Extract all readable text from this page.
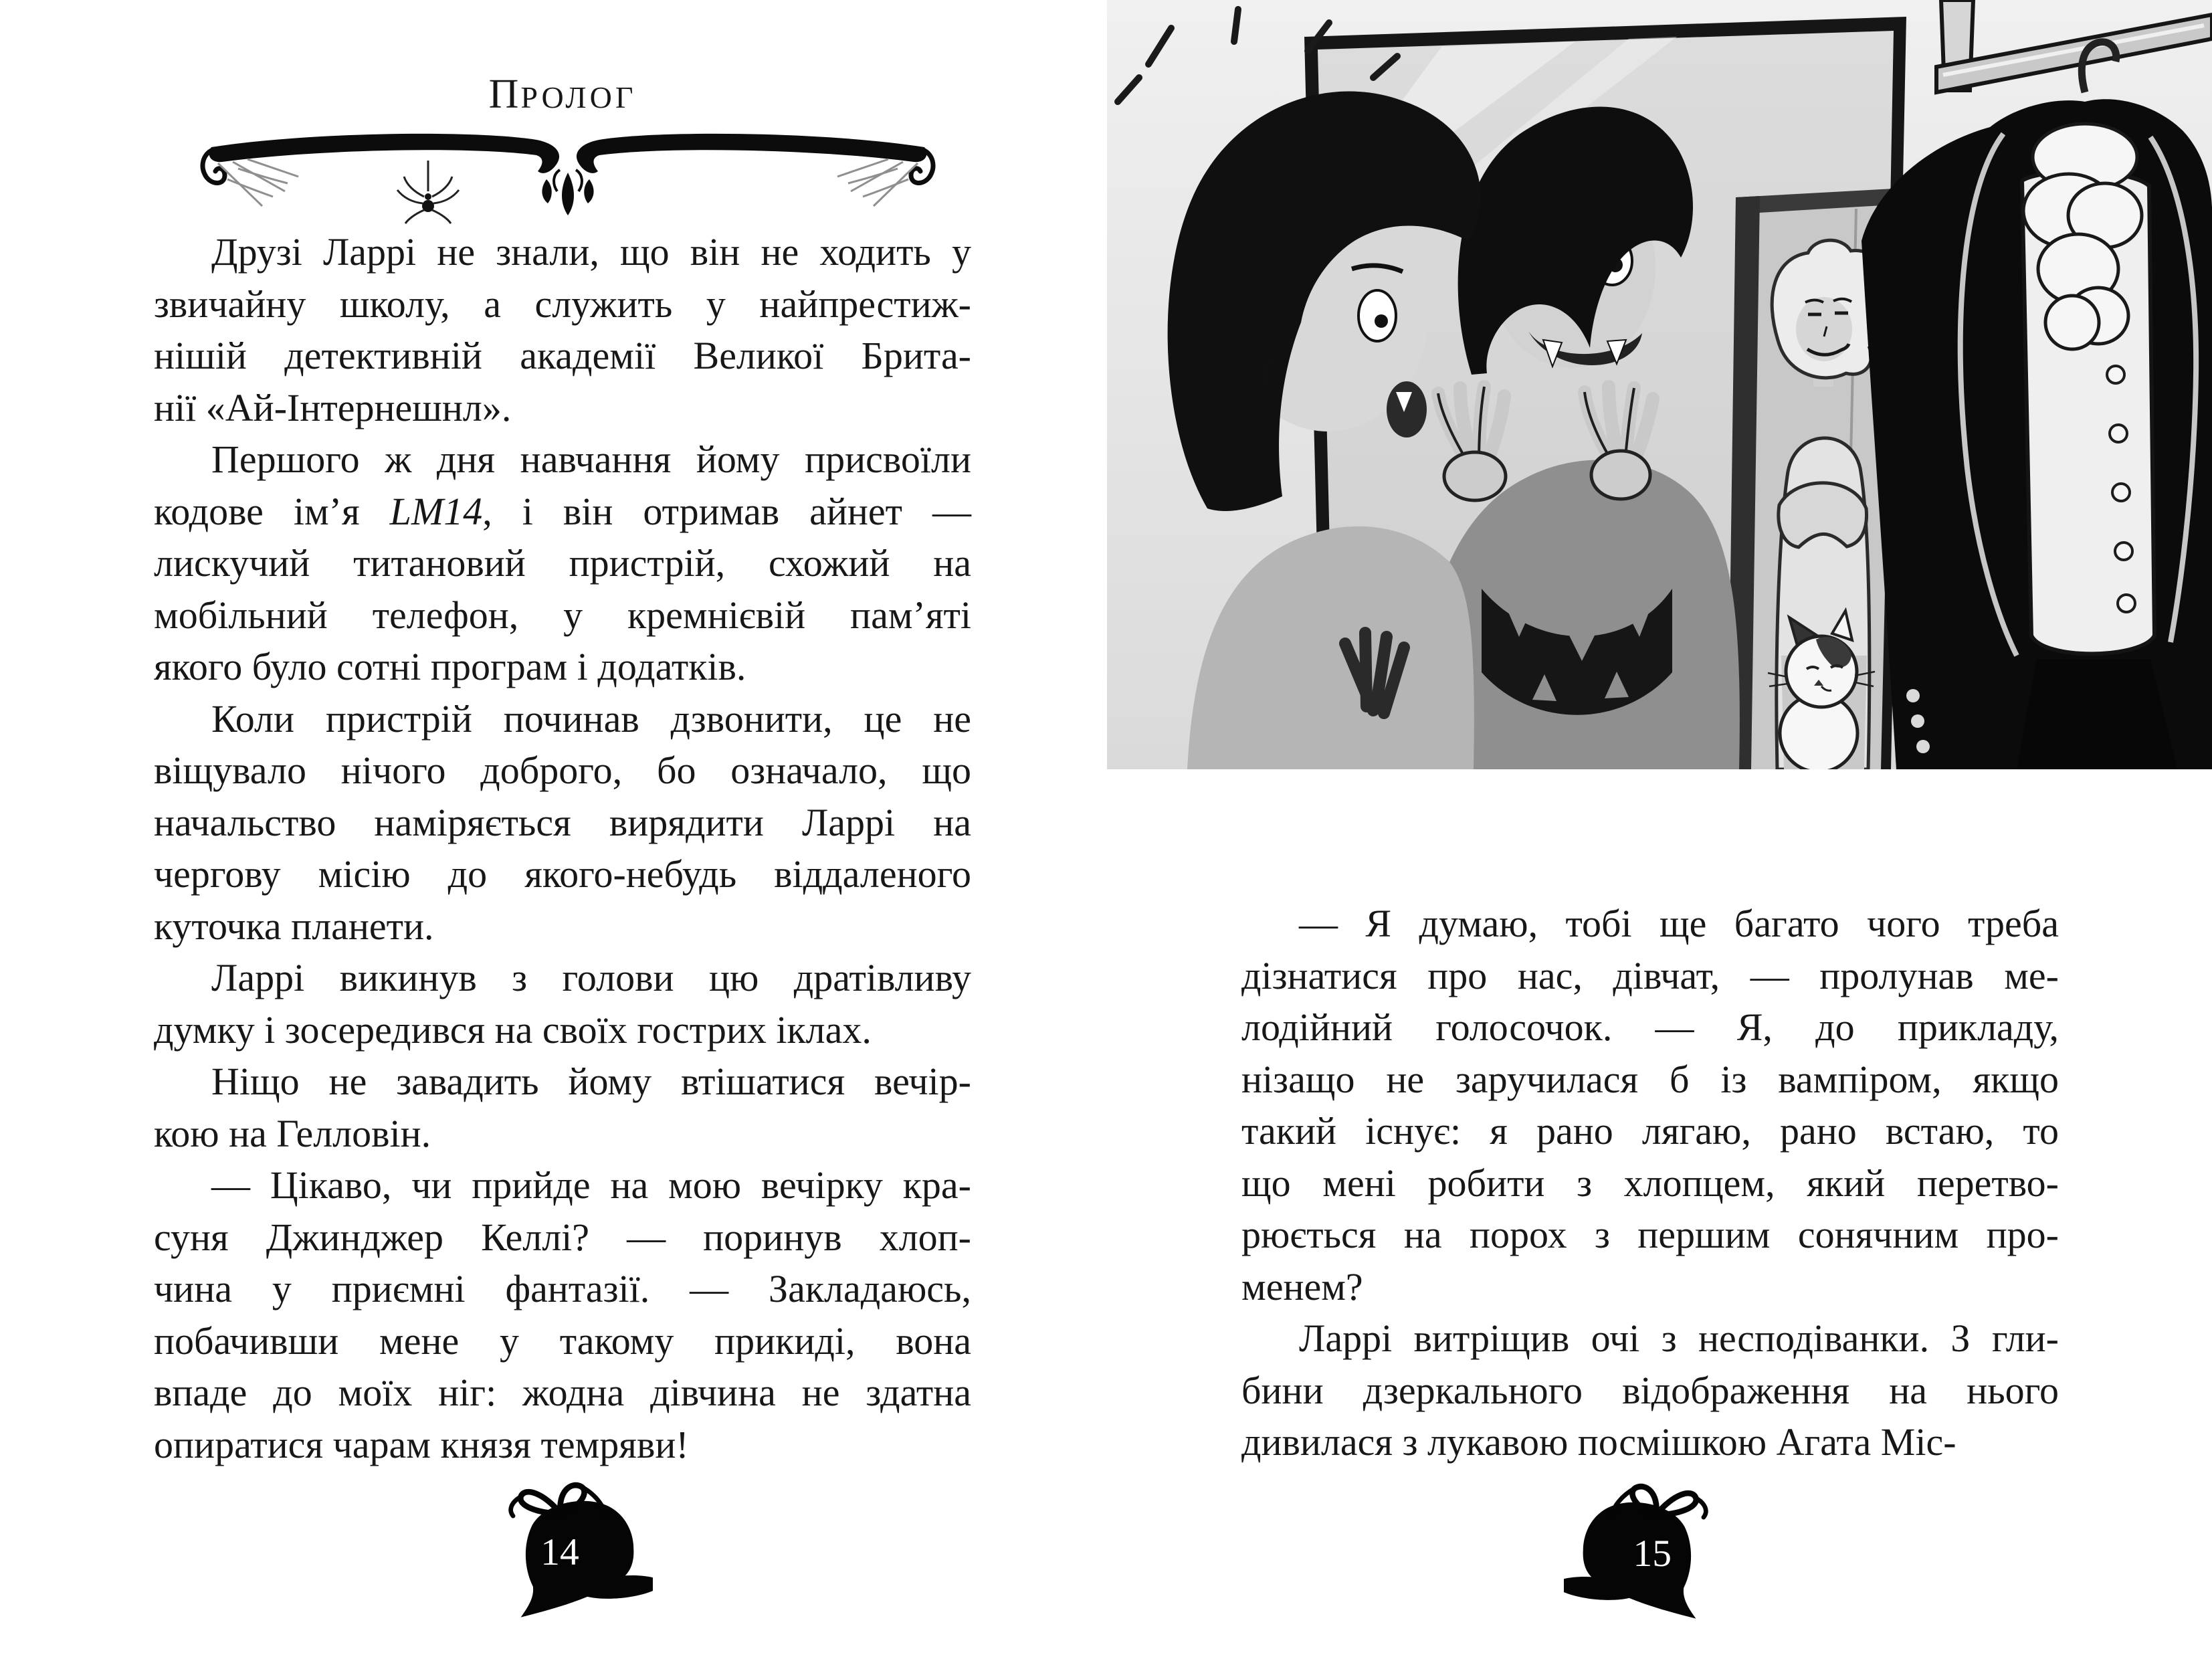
ПРОЛОГ

Друзі Ларрі не знали, що він не ходить у
звичайну школу, а служить у найпрестиж-
нішій детективній академії Великої Брита-
нії «Ай-Інтернешнл».

Першого ж дня навчання йому присвоїли
кодове ім’я LM14, і він отримав айнет —
лискучий титановий пристрій, схожий на
мобільний телефон, у кремнієвій пам’яті
якого було сотні програм і додатків.

Коли пристрій починав дзвонити, це не
віщувало нічого доброго, бо означало, що
начальство наміряється вирядити Ларрі на
чергову місію до якого-небудь віддаленого
куточка планети.

Ларрі викинув з голови цю дратівливу
думку і зосередився на своїх гострих іклах.

Ніщо не завадить йому втішатися вечір-
кою на Гелловін.

— Цікаво, чи прийде на мою вечірку кра-
суня Джинджер Келлі? — поринув хлоп-
чина у приємні фантазії. — Закладаюсь,
побачивши мене у такому прикиді, вона
впаде до моїх ніг: жодна дівчина не здатна
опиратися чарам князя темряви!

14

— Я думаю, тобі ще багато чого треба
дізнатися про нас, дівчат, — пролунав ме-
лодійний голосочок. — Я, до прикладу,
нізащо не заручилася б із вампіром, якщо
такий існує: я рано лягаю, рано встаю, то
що мені робити з хлопцем, який перетво-
рюється на порох з першим сонячним про-
менем?

Ларрі витріщив очі з несподіванки. З гли-
бини дзеркального відображення на нього
дивилася з лукавою посмішкою Агата Міс-

15
